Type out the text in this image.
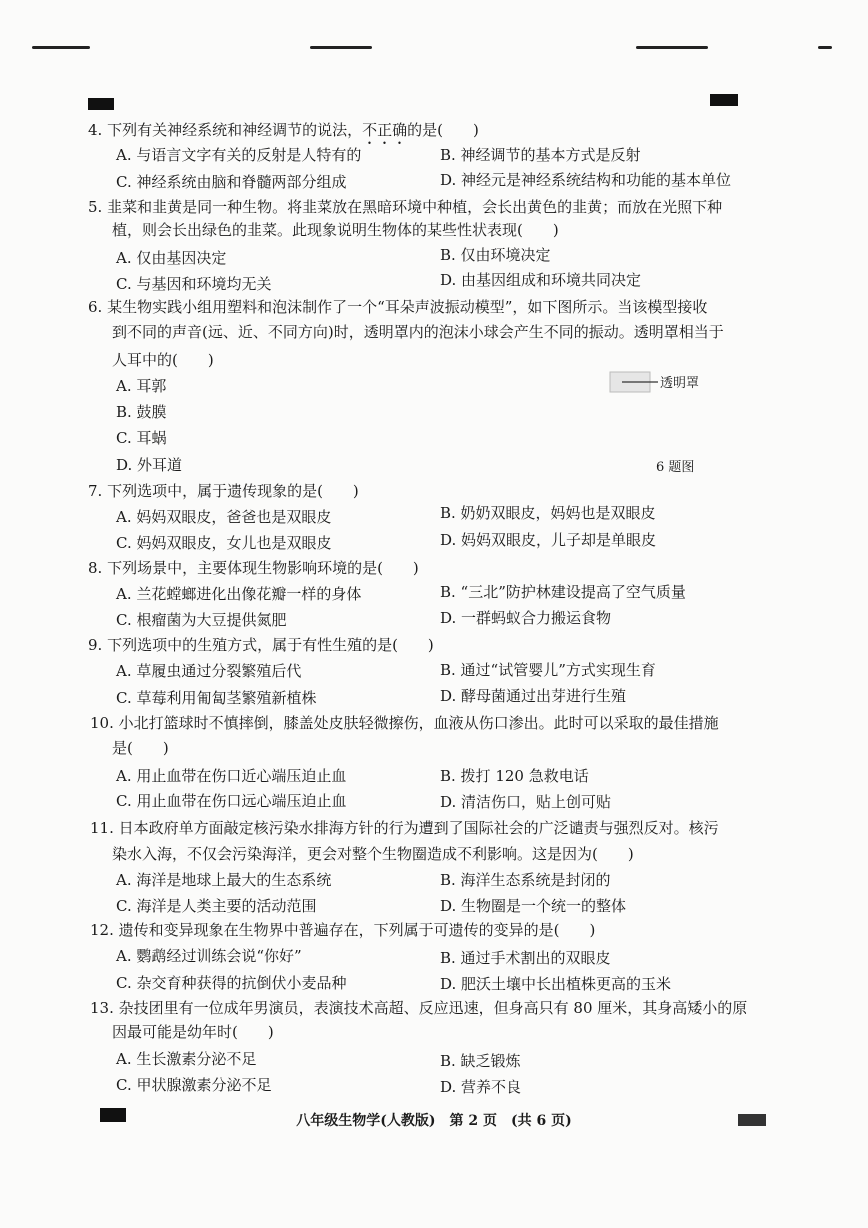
4. 下列有关神经系统和神经调节的说法，不正确的是(　　)
A. 与语言文字有关的反射是人特有的	B. 神经调节的基本方式是反射
C. 神经系统由脑和脊髓两部分组成	D. 神经元是神经系统结构和功能的基本单位
5. 韭菜和韭黄是同一种生物。将韭菜放在黑暗环境中种植，会长出黄色的韭黄；而放在光照下种
植，则会长出绿色的韭菜。此现象说明生物体的某些性状表现(　　)
A. 仅由基因决定	B. 仅由环境决定
C. 与基因和环境均无关	D. 由基因组成和环境共同决定
6. 某生物实践小组用塑料和泡沫制作了一个“耳朵声波振动模型”，如下图所示。当该模型接收
到不同的声音(远、近、不同方向)时，透明罩内的泡沫小球会产生不同的振动。透明罩相当于
人耳中的(　　)
A. 耳郭
B. 鼓膜
C. 耳蜗
D. 外耳道
透明罩
6 题图
7. 下列选项中，属于遗传现象的是(　　)
A. 妈妈双眼皮，爸爸也是双眼皮	B. 奶奶双眼皮，妈妈也是双眼皮
C. 妈妈双眼皮，女儿也是双眼皮	D. 妈妈双眼皮，儿子却是单眼皮
8. 下列场景中，主要体现生物影响环境的是(　　)
A. 兰花螳螂进化出像花瓣一样的身体	B. “三北”防护林建设提高了空气质量
C. 根瘤菌为大豆提供氮肥	D. 一群蚂蚁合力搬运食物
9. 下列选项中的生殖方式，属于有性生殖的是(　　)
A. 草履虫通过分裂繁殖后代	B. 通过“试管婴儿”方式实现生育
C. 草莓利用匍匐茎繁殖新植株	D. 酵母菌通过出芽进行生殖
10. 小北打篮球时不慎摔倒，膝盖处皮肤轻微擦伤，血液从伤口渗出。此时可以采取的最佳措施
是(　　)
A. 用止血带在伤口近心端压迫止血	B. 拨打 120 急救电话
C. 用止血带在伤口远心端压迫止血	D. 清洁伤口，贴上创可贴
11. 日本政府单方面敲定核污染水排海方针的行为遭到了国际社会的广泛谴责与强烈反对。核污
染水入海，不仅会污染海洋，更会对整个生物圈造成不利影响。这是因为(　　)
A. 海洋是地球上最大的生态系统	B. 海洋生态系统是封闭的
C. 海洋是人类主要的活动范围	D. 生物圈是一个统一的整体
12. 遗传和变异现象在生物界中普遍存在，下列属于可遗传的变异的是(　　)
A. 鹦鹉经过训练会说“你好”	B. 通过手术割出的双眼皮
C. 杂交育种获得的抗倒伏小麦品种	D. 肥沃土壤中长出植株更高的玉米
13. 杂技团里有一位成年男演员，表演技术高超、反应迅速，但身高只有 80 厘米，其身高矮小的原
因最可能是幼年时(　　)
A. 生长激素分泌不足	B. 缺乏锻炼
C. 甲状腺激素分泌不足	D. 营养不良
八年级生物学(人教版)　第 2 页　(共 6 页)
